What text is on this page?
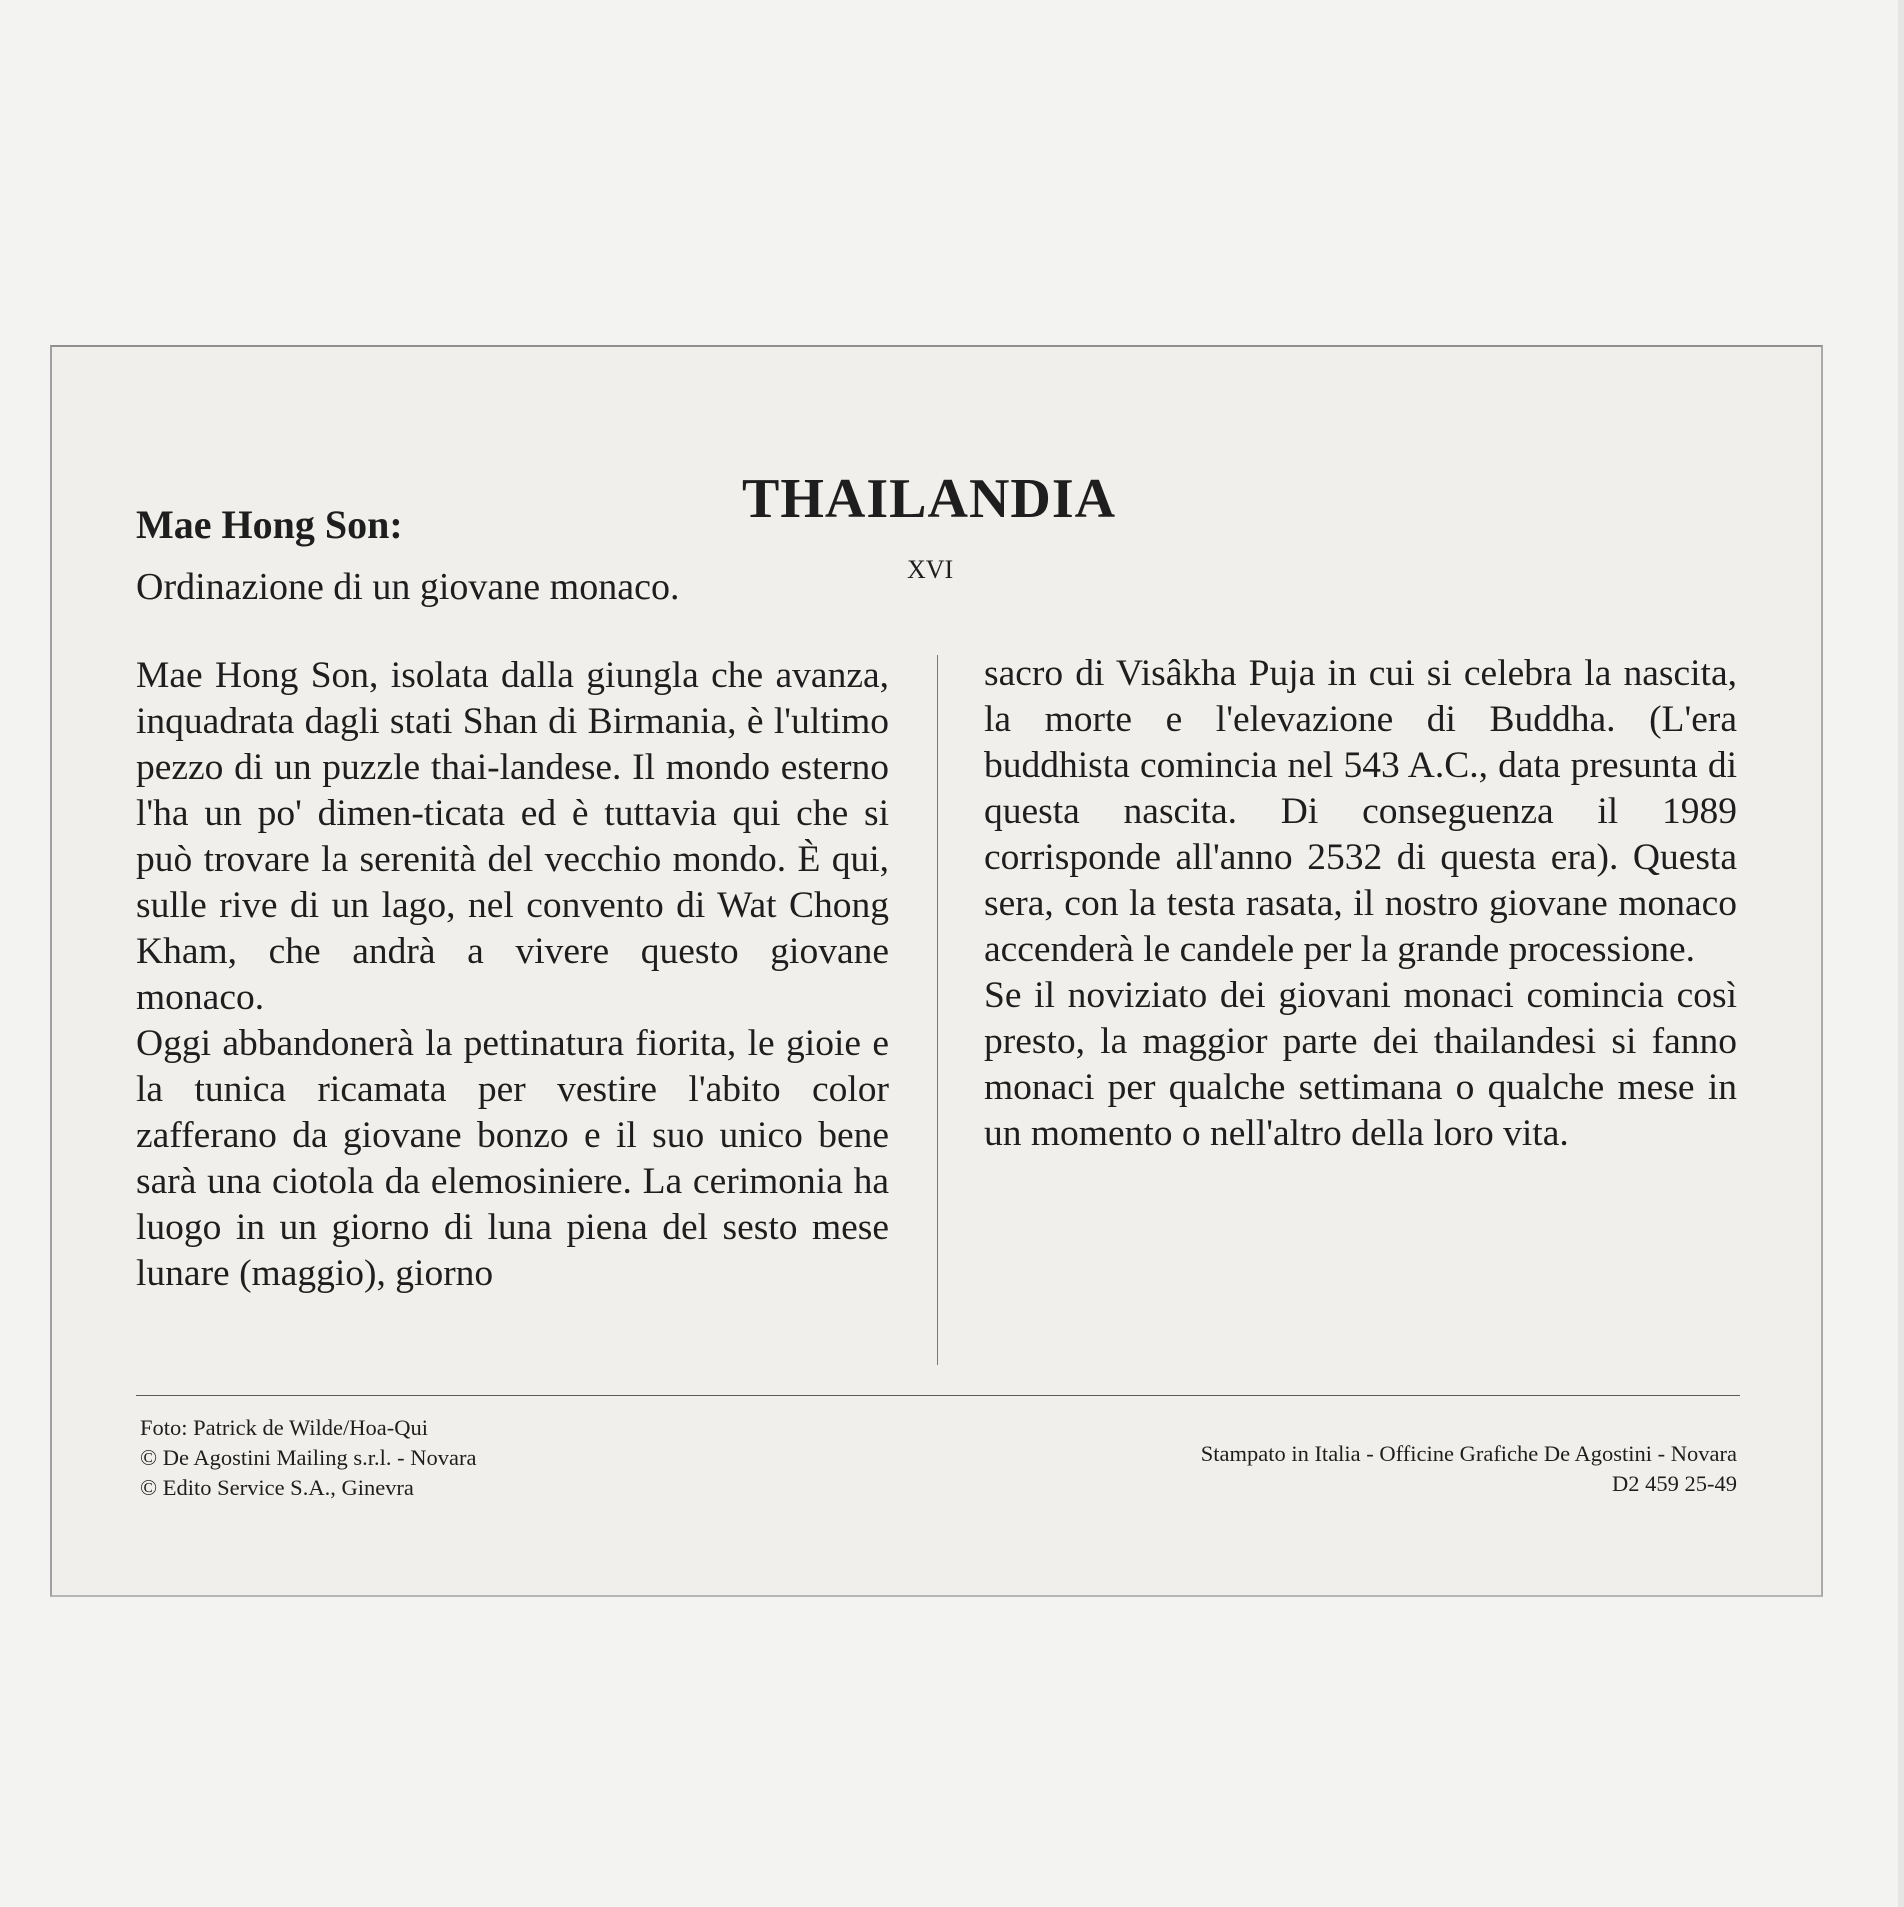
THAILANDIA
XVI
Mae Hong Son:
Ordinazione di un giovane monaco.

Mae Hong Son, isolata dalla giungla che avanza, inquadrata dagli stati Shan di Birmania, è l'ultimo pezzo di un puzzle thai-landese. Il mondo esterno l'ha un po' dimen-ticata ed è tuttavia qui che si può trovare la serenità del vecchio mondo. È qui, sulle rive di un lago, nel convento di Wat Chong Kham, che andrà a vivere questo giovane monaco.

Oggi abbandonerà la pettinatura fiorita, le gioie e la tunica ricamata per vestire l'abito color zafferano da giovane bonzo e il suo unico bene sarà una ciotola da elemosiniere. La cerimonia ha luogo in un giorno di luna piena del sesto mese lunare (maggio), giorno

sacro di Visâkha Puja in cui si celebra la nascita, la morte e l'elevazione di Buddha. (L'era buddhista comincia nel 543 A.C., data presunta di questa nascita. Di conseguenza il 1989 corrisponde all'anno 2532 di questa era). Questa sera, con la testa rasata, il nostro giovane monaco accenderà le candele per la grande processione.

Se il noviziato dei giovani monaci comincia così presto, la maggior parte dei thailandesi si fanno monaci per qualche settimana o qualche mese in un momento o nell'altro della loro vita.

Foto: Patrick de Wilde/Hoa-Qui
© De Agostini Mailing s.r.l. - Novara
© Edito Service S.A., Ginevra
Stampato in Italia - Officine Grafiche De Agostini - Novara
D2 459 25-49
